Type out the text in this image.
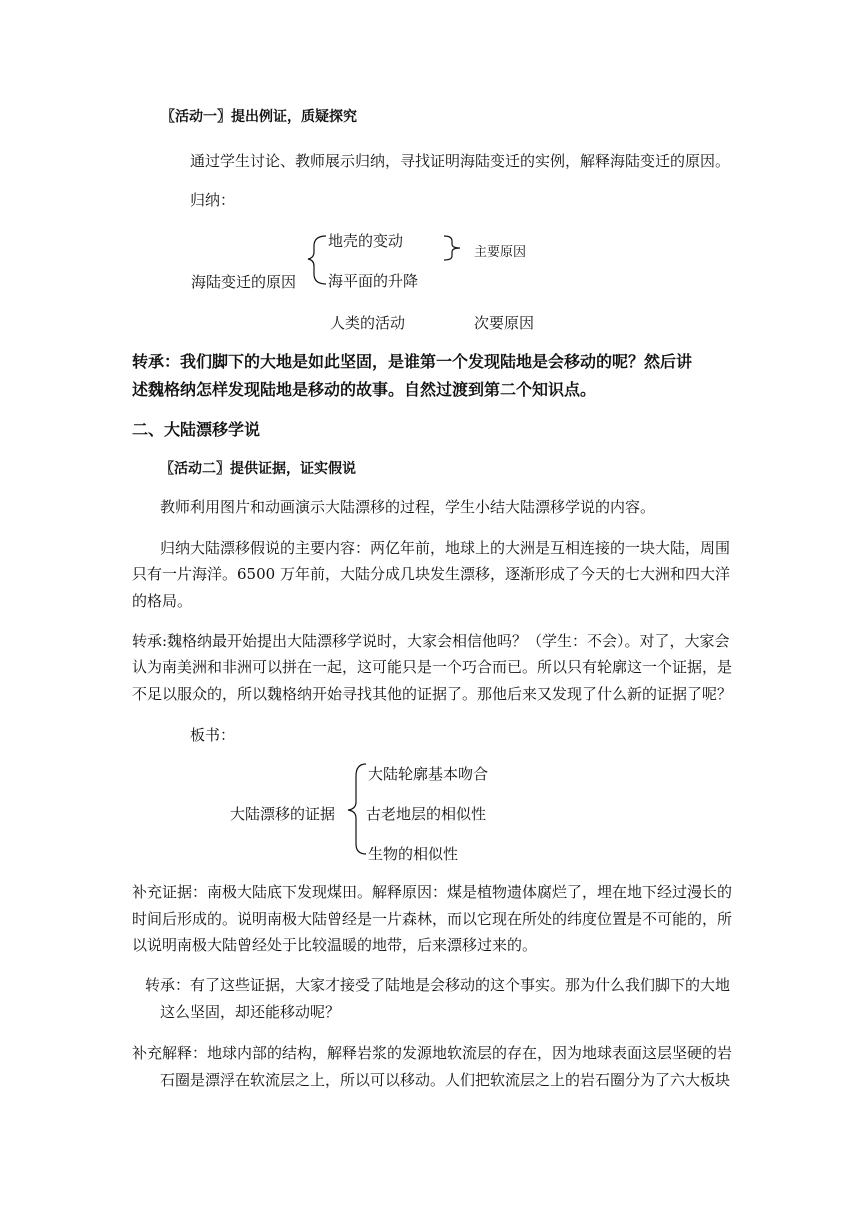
〖活动一〗提出例证，质疑探究
通过学生讨论、教师展示归纳，寻找证明海陆变迁的实例，解释海陆变迁的原因。
归纳：
地壳的变动
海平面的升降
海陆变迁的原因
主要原因
人类的活动	次要原因
转承：我们脚下的大地是如此坚固，是谁第一个发现陆地是会移动的呢？然后讲
述魏格纳怎样发现陆地是移动的故事。自然过渡到第二个知识点。
二、大陆漂移学说
〖活动二〗提供证据，证实假说
教师利用图片和动画演示大陆漂移的过程，学生小结大陆漂移学说的内容。
归纳大陆漂移假说的主要内容：两亿年前，地球上的大洲是互相连接的一块大陆，周围
只有一片海洋。6500 万年前，大陆分成几块发生漂移，逐渐形成了今天的七大洲和四大洋
的格局。
转承:魏格纳最开始提出大陆漂移学说时，大家会相信他吗？（学生：不会）。对了，大家会
认为南美洲和非洲可以拼在一起，这可能只是一个巧合而已。所以只有轮廓这一个证据，是
不足以服众的，所以魏格纳开始寻找其他的证据了。那他后来又发现了什么新的证据了呢？
板书：
大陆轮廓基本吻合
大陆漂移的证据 古老地层的相似性
生物的相似性
补充证据：南极大陆底下发现煤田。解释原因：煤是植物遗体腐烂了，埋在地下经过漫长的
时间后形成的。说明南极大陆曾经是一片森林，而以它现在所处的纬度位置是不可能的，所
以说明南极大陆曾经处于比较温暖的地带，后来漂移过来的。
转承：有了这些证据，大家才接受了陆地是会移动的这个事实。那为什么我们脚下的大地
这么坚固，却还能移动呢？
补充解释：地球内部的结构，解释岩浆的发源地软流层的存在，因为地球表面这层坚硬的岩
石圈是漂浮在软流层之上，所以可以移动。人们把软流层之上的岩石圈分为了六大板块
